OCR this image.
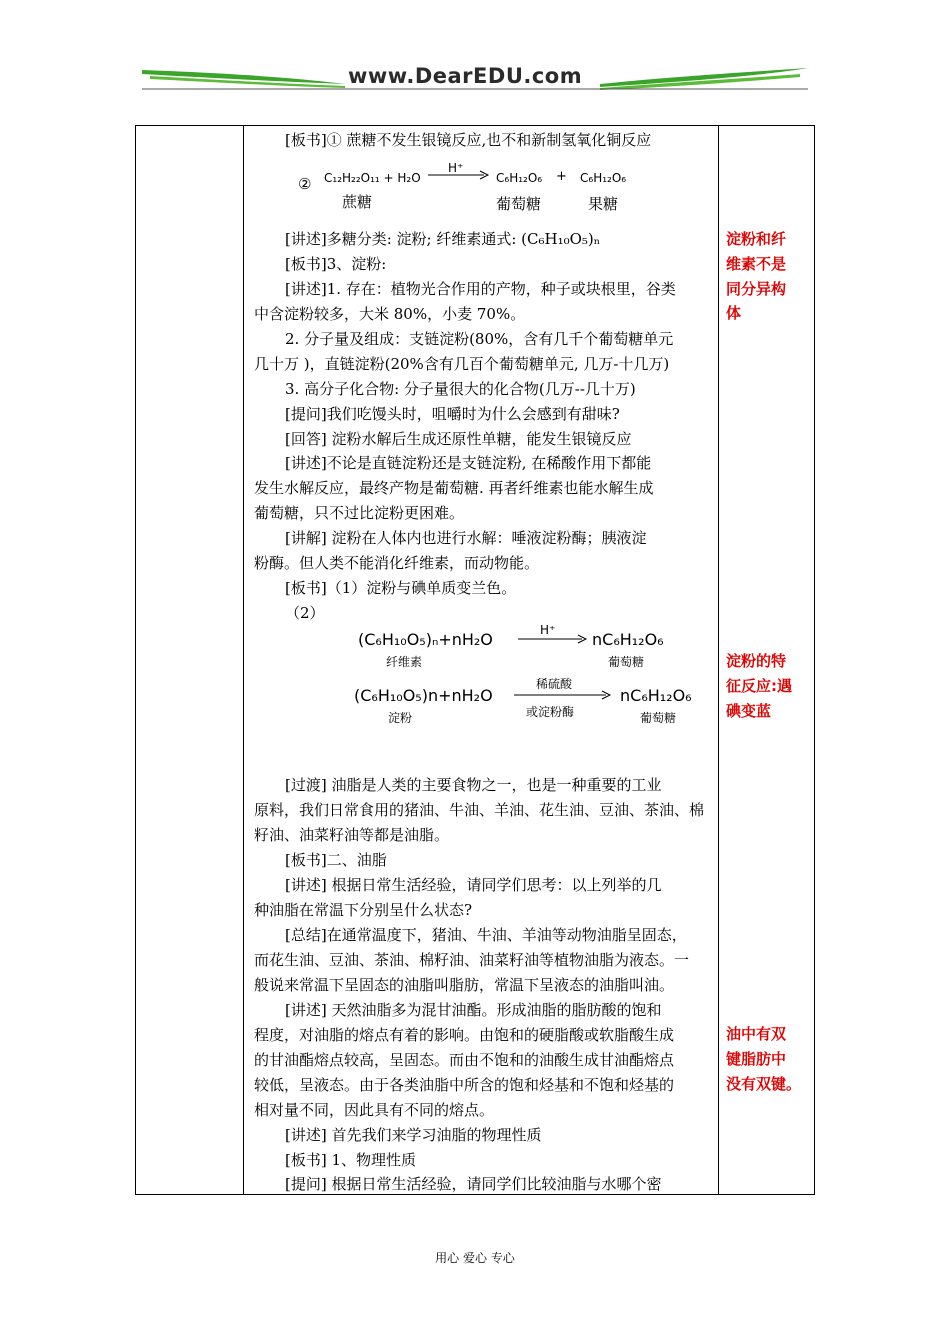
www.DearEDU.com
[板书]① 蔗糖不发生银镜反应,也不和新制氢氧化铜反应
② C₁₂H₂₂O₁₁ + H₂O
H⁺
C₆H₁₂O₆ + C₆H₁₂O₆
蔗糖	葡萄糖	果糖
[讲述]多糖分类: 淀粉; 纤维素通式: (C₆H₁₀O₅)ₙ
[板书]3、淀粉:
[讲述]1. 存在：植物光合作用的产物，种子或块根里，谷类
中含淀粉较多，大米 80%，小麦 70%。
2. 分子量及组成：支链淀粉(80%，含有几千个葡萄糖单元
几十万 )，直链淀粉(20%含有几百个葡萄糖单元, 几万-十几万)
3. 高分子化合物: 分子量很大的化合物(几万--几十万)
[提问]我们吃馒头时，咀嚼时为什么会感到有甜味?
[回答] 淀粉水解后生成还原性单糖，能发生银镜反应
[讲述]不论是直链淀粉还是支链淀粉, 在稀酸作用下都能
发生水解反应，最终产物是葡萄糖. 再者纤维素也能水解生成
葡萄糖，只不过比淀粉更困难。
[讲解] 淀粉在人体内也进行水解：唾液淀粉酶；胰液淀
粉酶。但人类不能消化纤维素，而动物能。
[板书]（1）淀粉与碘单质变兰色。
（2）
(C₆H₁₀O₅)ₙ+nH₂O	H⁺ nC₆H₁₂O₆
纤维素	葡萄糖
(C₆H₁₀O₅)n+nH₂O
稀硫酸
或淀粉酶
nC₆H₁₂O₆
淀粉	葡萄糖
[过渡] 油脂是人类的主要食物之一，也是一种重要的工业
原料，我们日常食用的猪油、牛油、羊油、花生油、豆油、茶油、棉
籽油、油菜籽油等都是油脂。
[板书]二、油脂
[讲述] 根据日常生活经验，请同学们思考：以上列举的几
种油脂在常温下分别呈什么状态?
[总结]在通常温度下，猪油、牛油、羊油等动物油脂呈固态，
而花生油、豆油、茶油、棉籽油、油菜籽油等植物油脂为液态。一
般说来常温下呈固态的油脂叫脂肪，常温下呈液态的油脂叫油。
[讲述] 天然油脂多为混甘油酯。形成油脂的脂肪酸的饱和
程度，对油脂的熔点有着的影响。由饱和的硬脂酸或软脂酸生成
的甘油酯熔点较高，呈固态。而由不饱和的油酸生成甘油酯熔点
较低，呈液态。由于各类油脂中所含的饱和烃基和不饱和烃基的
相对量不同，因此具有不同的熔点。
[讲述] 首先我们来学习油脂的物理性质
[板书] 1、物理性质
[提问] 根据日常生活经验，请同学们比较油脂与水哪个密
淀粉和纤
维素不是
同分异构
体
淀粉的特
征反应:遇
碘变蓝
油中有双
键脂肪中
没有双键。
用心 爱心 专心
